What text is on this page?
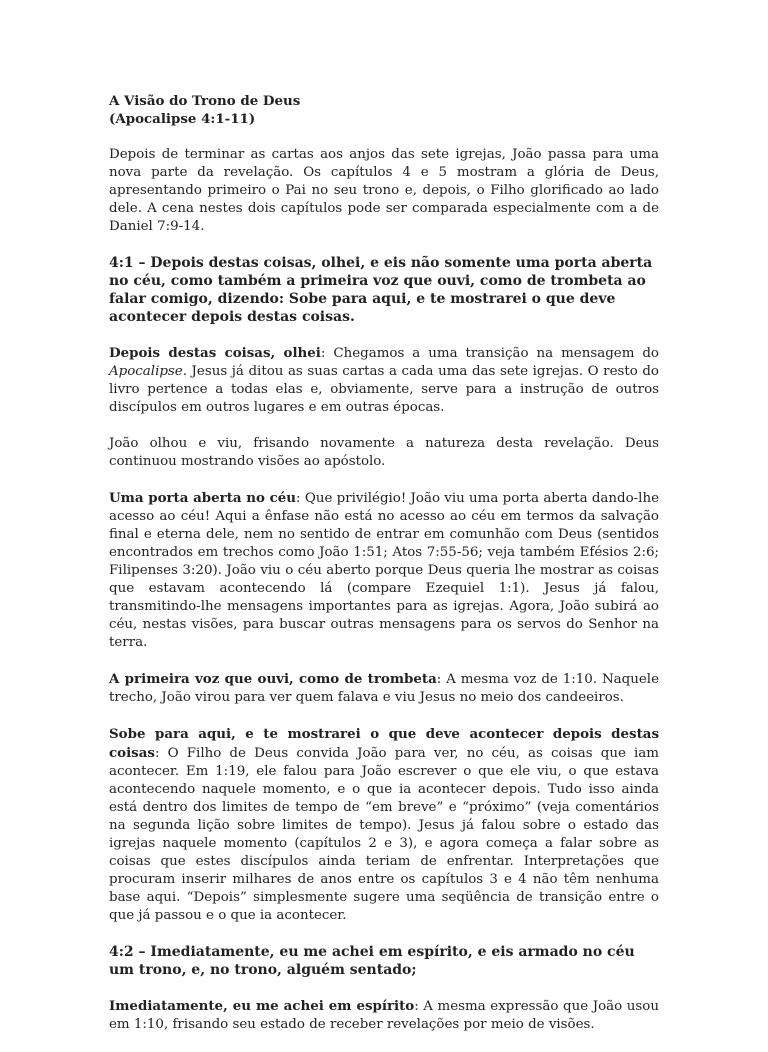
A Visão do Trono de Deus
(Apocalipse 4:1-11)

Depois de terminar as cartas aos anjos das sete igrejas, João passa para uma nova parte da revelação. Os capítulos 4 e 5 mostram a glória de Deus, apresentando primeiro o Pai no seu trono e, depois, o Filho glorificado ao lado dele. A cena nestes dois capítulos pode ser comparada especialmente com a de Daniel 7:9-14.

4:1 – Depois destas coisas, olhei, e eis não somente uma porta aberta no céu, como também a primeira voz que ouvi, como de trombeta ao falar comigo, dizendo: Sobe para aqui, e te mostrarei o que deve acontecer depois destas coisas.

Depois destas coisas, olhei: Chegamos a uma transição na mensagem do Apocalipse. Jesus já ditou as suas cartas a cada uma das sete igrejas. O resto do livro pertence a todas elas e, obviamente, serve para a instrução de outros discípulos em outros lugares e em outras épocas.

João olhou e viu, frisando novamente a natureza desta revelação. Deus continuou mostrando visões ao apóstolo.

Uma porta aberta no céu: Que privilégio! João viu uma porta aberta dando-lhe acesso ao céu! Aqui a ênfase não está no acesso ao céu em termos da salvação final e eterna dele, nem no sentido de entrar em comunhão com Deus (sentidos encontrados em trechos como João 1:51; Atos 7:55-56; veja também Efésios 2:6; Filipenses 3:20). João viu o céu aberto porque Deus queria lhe mostrar as coisas que estavam acontecendo lá (compare Ezequiel 1:1). Jesus já falou, transmitindo-lhe mensagens importantes para as igrejas. Agora, João subirá ao céu, nestas visões, para buscar outras mensagens para os servos do Senhor na terra.

A primeira voz que ouvi, como de trombeta: A mesma voz de 1:10. Naquele trecho, João virou para ver quem falava e viu Jesus no meio dos candeeiros.

Sobe para aqui, e te mostrarei o que deve acontecer depois destas coisas: O Filho de Deus convida João para ver, no céu, as coisas que iam acontecer. Em 1:19, ele falou para João escrever o que ele viu, o que estava acontecendo naquele momento, e o que ia acontecer depois. Tudo isso ainda está dentro dos limites de tempo de “em breve” e “próximo” (veja comentários na segunda lição sobre limites de tempo). Jesus já falou sobre o estado das igrejas naquele momento (capítulos 2 e 3), e agora começa a falar sobre as coisas que estes discípulos ainda teriam de enfrentar. Interpretações que procuram inserir milhares de anos entre os capítulos 3 e 4 não têm nenhuma base aqui. “Depois” simplesmente sugere uma seqüência de transição entre o que já passou e o que ia acontecer.

4:2 – Imediatamente, eu me achei em espírito, e eis armado no céu um trono, e, no trono, alguém sentado;

Imediatamente, eu me achei em espírito: A mesma expressão que João usou em 1:10, frisando seu estado de receber revelações por meio de visões.
